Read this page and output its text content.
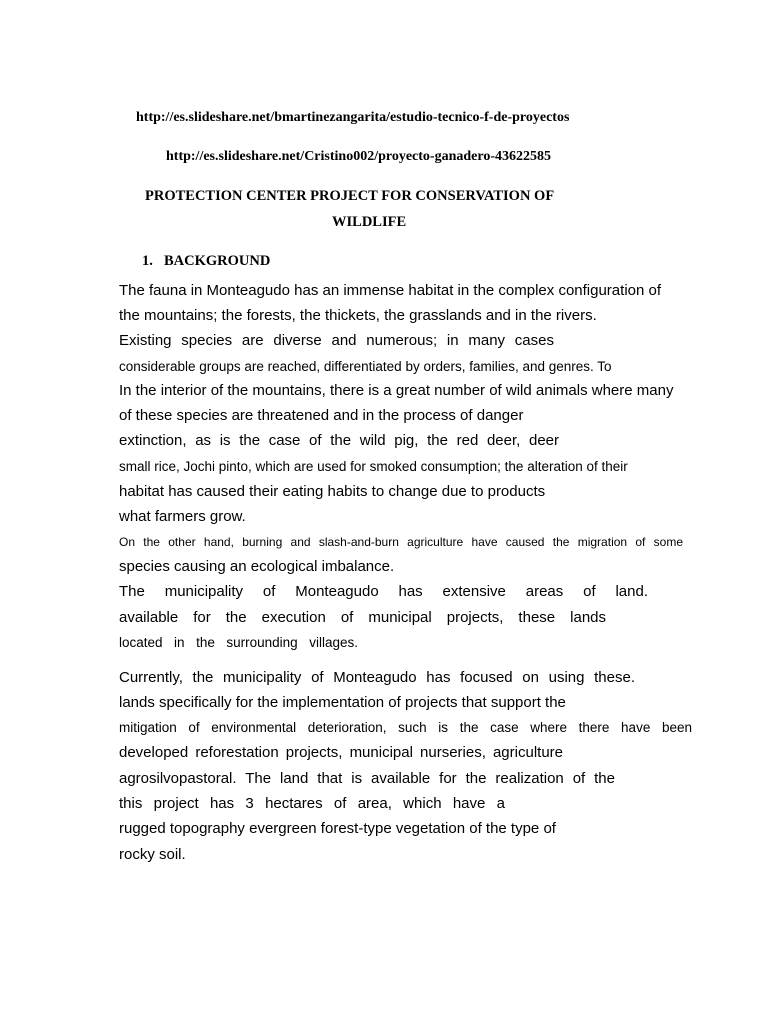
http://es.slideshare.net/bmartinezangarita/estudio-tecnico-f-de-proyectos
http://es.slideshare.net/Cristino002/proyecto-ganadero-43622585
PROTECTION CENTER PROJECT FOR CONSERVATION OF
WILDLIFE
1. BACKGROUND
The fauna in Monteagudo has an immense habitat in the complex configuration of
the mountains; the forests, the thickets, the grasslands and in the rivers.
Existing species are diverse and numerous; in many cases
considerable groups are reached, differentiated by orders, families, and genres. To
In the interior of the mountains, there is a great number of wild animals where many
of these species are threatened and in the process of danger
extinction, as is the case of the wild pig, the red deer, deer
small rice, Jochi pinto, which are used for smoked consumption; the alteration of their
habitat has caused their eating habits to change due to products
what farmers grow.
On the other hand, burning and slash-and-burn agriculture have caused the migration of some
species causing an ecological imbalance.
The municipality of Monteagudo has extensive areas of land.
available for the execution of municipal projects, these lands
located in the surrounding villages.
Currently, the municipality of Monteagudo has focused on using these.
lands specifically for the implementation of projects that support the
mitigation of environmental deterioration, such is the case where there have been
developed reforestation projects, municipal nurseries, agriculture
agrosilvopastoral. The land that is available for the realization of the
this project has 3 hectares of area, which have a
rugged topography evergreen forest-type vegetation of the type of
rocky soil.
